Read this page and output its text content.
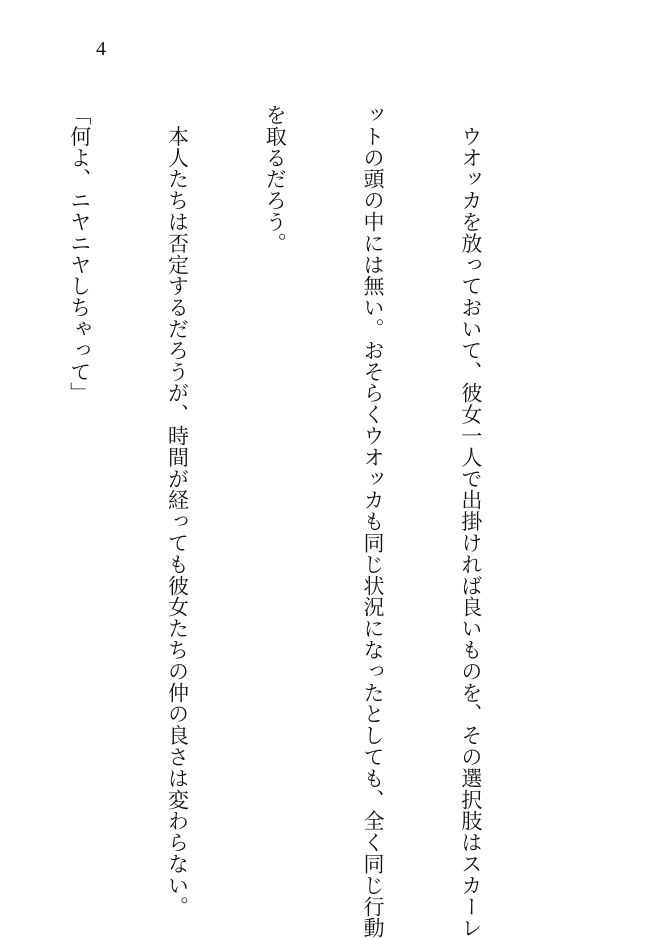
4

　ウオッカを放っておいて、彼女一人で出掛ければ良いものを、その選択肢はスカーレ

ットの頭の中には無い。おそらくウオッカも同じ状況になったとしても、全く同じ行動

を取るだろう。

　本人たちは否定するだろうが、時間が経っても彼女たちの仲の良さは変わらない。

「何よ、ニヤニヤしちゃって」
